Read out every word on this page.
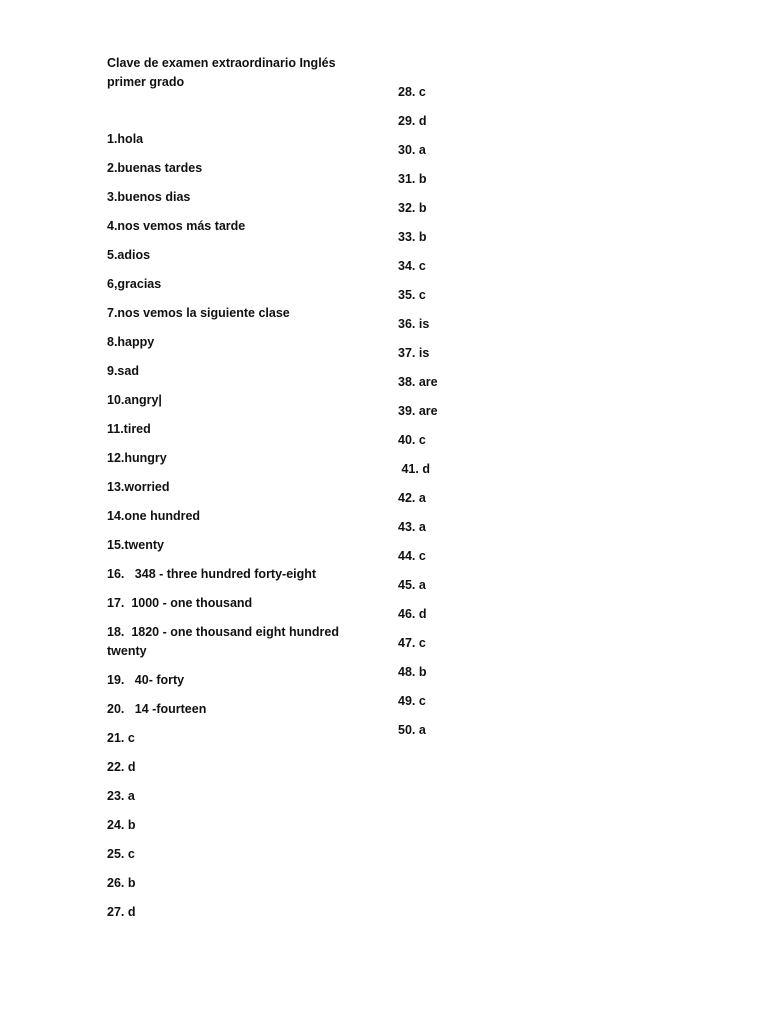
Clave de examen extraordinario Inglés primer grado
1.hola
2.buenas tardes
3.buenos dias
4.nos vemos más tarde
5.adios
6,gracias
7.nos vemos la siguiente clase
8.happy
9.sad
10.angry|
11.tired
12.hungry
13.worried
14.one hundred
15.twenty
16.   348 - three hundred forty-eight
17.  1000 - one thousand
18.  1820 - one thousand eight hundred twenty
19.   40- forty
20.   14 -fourteen
21. c
22. d
23. a
24. b
25. c
26. b
27. d
28. c
29. d
30. a
31. b
32. b
33. b
34. c
35. c
36. is
37. is
38. are
39. are
40. c
41. d
42. a
43. a
44. c
45. a
46. d
47. c
48. b
49. c
50. a
